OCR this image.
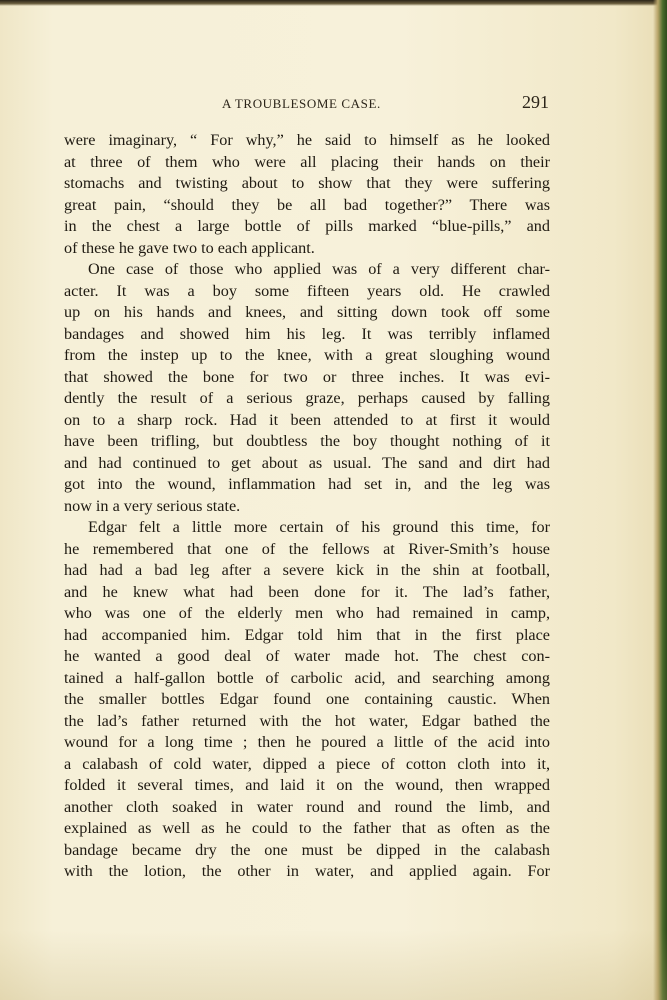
A TROUBLESOME CASE.	291
were imaginary, “ For why,” he said to himself as he looked
at three of them who were all placing their hands on their
stomachs and twisting about to show that they were suffering
great pain, “should they be all bad together?” There was
in the chest a large bottle of pills marked “blue-pills,” and
of these he gave two to each applicant.
One case of those who applied was of a very different char-
acter. It was a boy some fifteen years old. He crawled
up on his hands and knees, and sitting down took off some
bandages and showed him his leg. It was terribly inflamed
from the instep up to the knee, with a great sloughing wound
that showed the bone for two or three inches. It was evi-
dently the result of a serious graze, perhaps caused by falling
on to a sharp rock. Had it been attended to at first it would
have been trifling, but doubtless the boy thought nothing of it
and had continued to get about as usual. The sand and dirt had
got into the wound, inflammation had set in, and the leg was
now in a very serious state.
Edgar felt a little more certain of his ground this time, for
he remembered that one of the fellows at River-Smith’s house
had had a bad leg after a severe kick in the shin at football,
and he knew what had been done for it. The lad’s father,
who was one of the elderly men who had remained in camp,
had accompanied him. Edgar told him that in the first place
he wanted a good deal of water made hot. The chest con-
tained a half-gallon bottle of carbolic acid, and searching among
the smaller bottles Edgar found one containing caustic. When
the lad’s father returned with the hot water, Edgar bathed the
wound for a long time ; then he poured a little of the acid into
a calabash of cold water, dipped a piece of cotton cloth into it,
folded it several times, and laid it on the wound, then wrapped
another cloth soaked in water round and round the limb, and
explained as well as he could to the father that as often as the
bandage became dry the one must be dipped in the calabash
with the lotion, the other in water, and applied again. For
